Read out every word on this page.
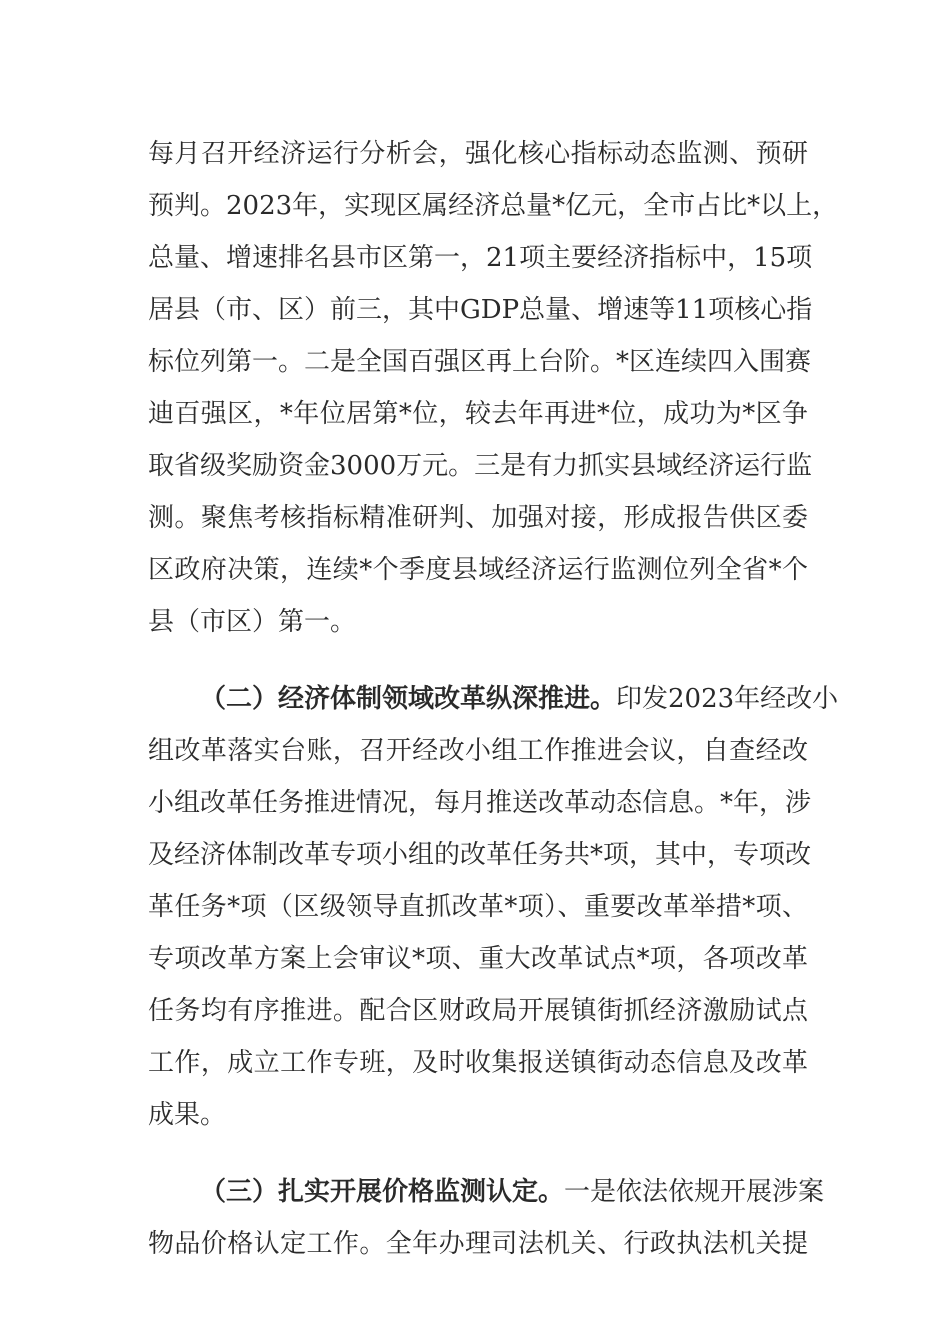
每月召开经济运行分析会，强化核心指标动态监测、预研
预判。2023年，实现区属经济总量*亿元，全市占比*以上，
总量、增速排名县市区第一，21项主要经济指标中，15项
居县（市、区）前三，其中GDP总量、增速等11项核心指
标位列第一。二是全国百强区再上台阶。*区连续四入围赛
迪百强区，*年位居第*位，较去年再进*位，成功为*区争
取省级奖励资金3000万元。三是有力抓实县域经济运行监
测。聚焦考核指标精准研判、加强对接，形成报告供区委
区政府决策，连续*个季度县域经济运行监测位列全省*个
县（市区）第一。
（二）经济体制领域改革纵深推进。印发2023年经改小
组改革落实台账，召开经改小组工作推进会议，自查经改
小组改革任务推进情况，每月推送改革动态信息。*年，涉
及经济体制改革专项小组的改革任务共*项，其中，专项改
革任务*项（区级领导直抓改革*项）、重要改革举措*项、
专项改革方案上会审议*项、重大改革试点*项，各项改革
任务均有序推进。配合区财政局开展镇街抓经济激励试点
工作，成立工作专班，及时收集报送镇街动态信息及改革
成果。
（三）扎实开展价格监测认定。一是依法依规开展涉案
物品价格认定工作。全年办理司法机关、行政执法机关提
